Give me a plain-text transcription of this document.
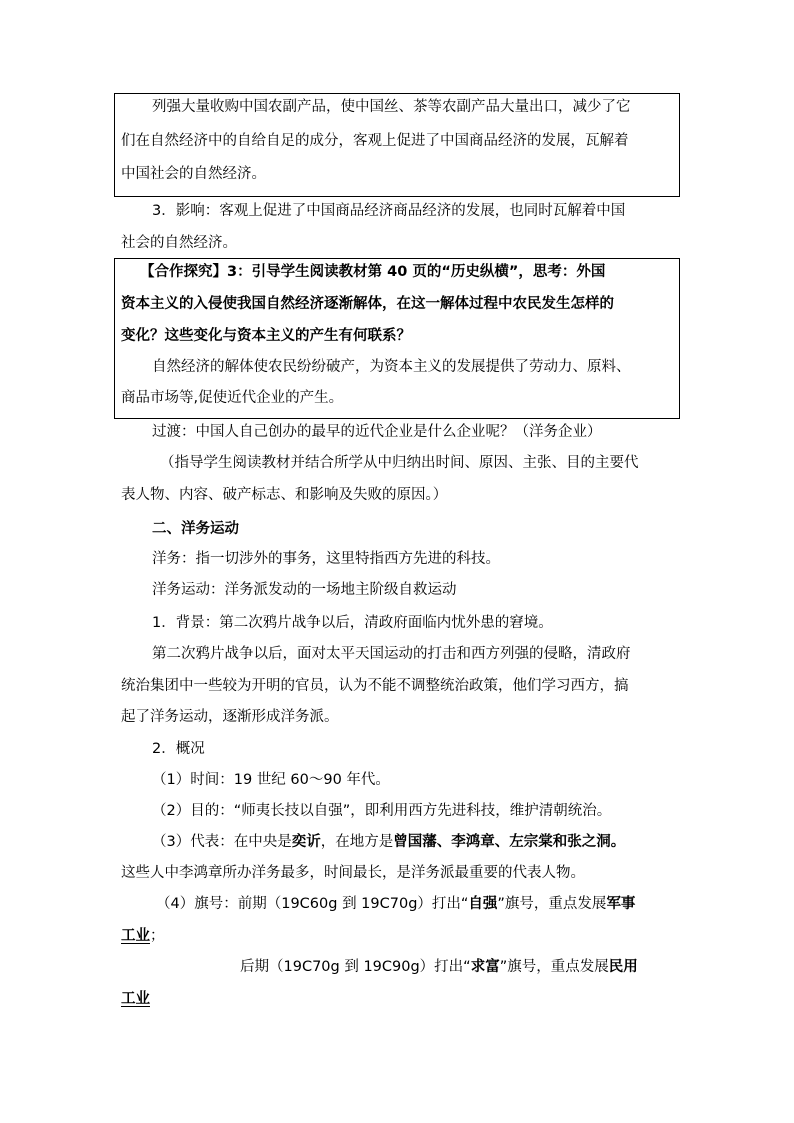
列强大量收购中国农副产品，使中国丝、茶等农副产品大量出口，减少了它
们在自然经济中的自给自足的成分，客观上促进了中国商品经济的发展，瓦解着
中国社会的自然经济。
3．影响：客观上促进了中国商品经济商品经济的发展，也同时瓦解着中国
社会的自然经济。
【合作探究】3：引导学生阅读教材第 40 页的“历史纵横”，思考：外国
资本主义的入侵使我国自然经济逐渐解体，在这一解体过程中农民发生怎样的
变化？这些变化与资本主义的产生有何联系？
自然经济的解体使农民纷纷破产，为资本主义的发展提供了劳动力、原料、
商品市场等,促使近代企业的产生。
过渡：中国人自己创办的最早的近代企业是什么企业呢？（洋务企业）
（指导学生阅读教材并结合所学从中归纳出时间、原因、主张、目的主要代
表人物、内容、破产标志、和影响及失败的原因。）
二、洋务运动
洋务：指一切涉外的事务，这里特指西方先进的科技。
洋务运动：洋务派发动的一场地主阶级自救运动
1．背景：第二次鸦片战争以后，清政府面临内忧外患的窘境。
第二次鸦片战争以后，面对太平天国运动的打击和西方列强的侵略，清政府
统治集团中一些较为开明的官员，认为不能不调整统治政策，他们学习西方，搞
起了洋务运动，逐渐形成洋务派。
2．概况
（1）时间：19 世纪 60～90 年代。
（2）目的：“师夷长技以自强”，即利用西方先进科技，维护清朝统治。
（3）代表：在中央是奕䜣，在地方是曾国藩、李鸿章、左宗棠和张之洞。
这些人中李鸿章所办洋务最多，时间最长，是洋务派最重要的代表人物。
（4）旗号：前期（19C60g 到 19C70g）打出“自强”旗号，重点发展军事
工业；
后期（19C70g 到 19C90g）打出“求富”旗号，重点发展民用
工业
